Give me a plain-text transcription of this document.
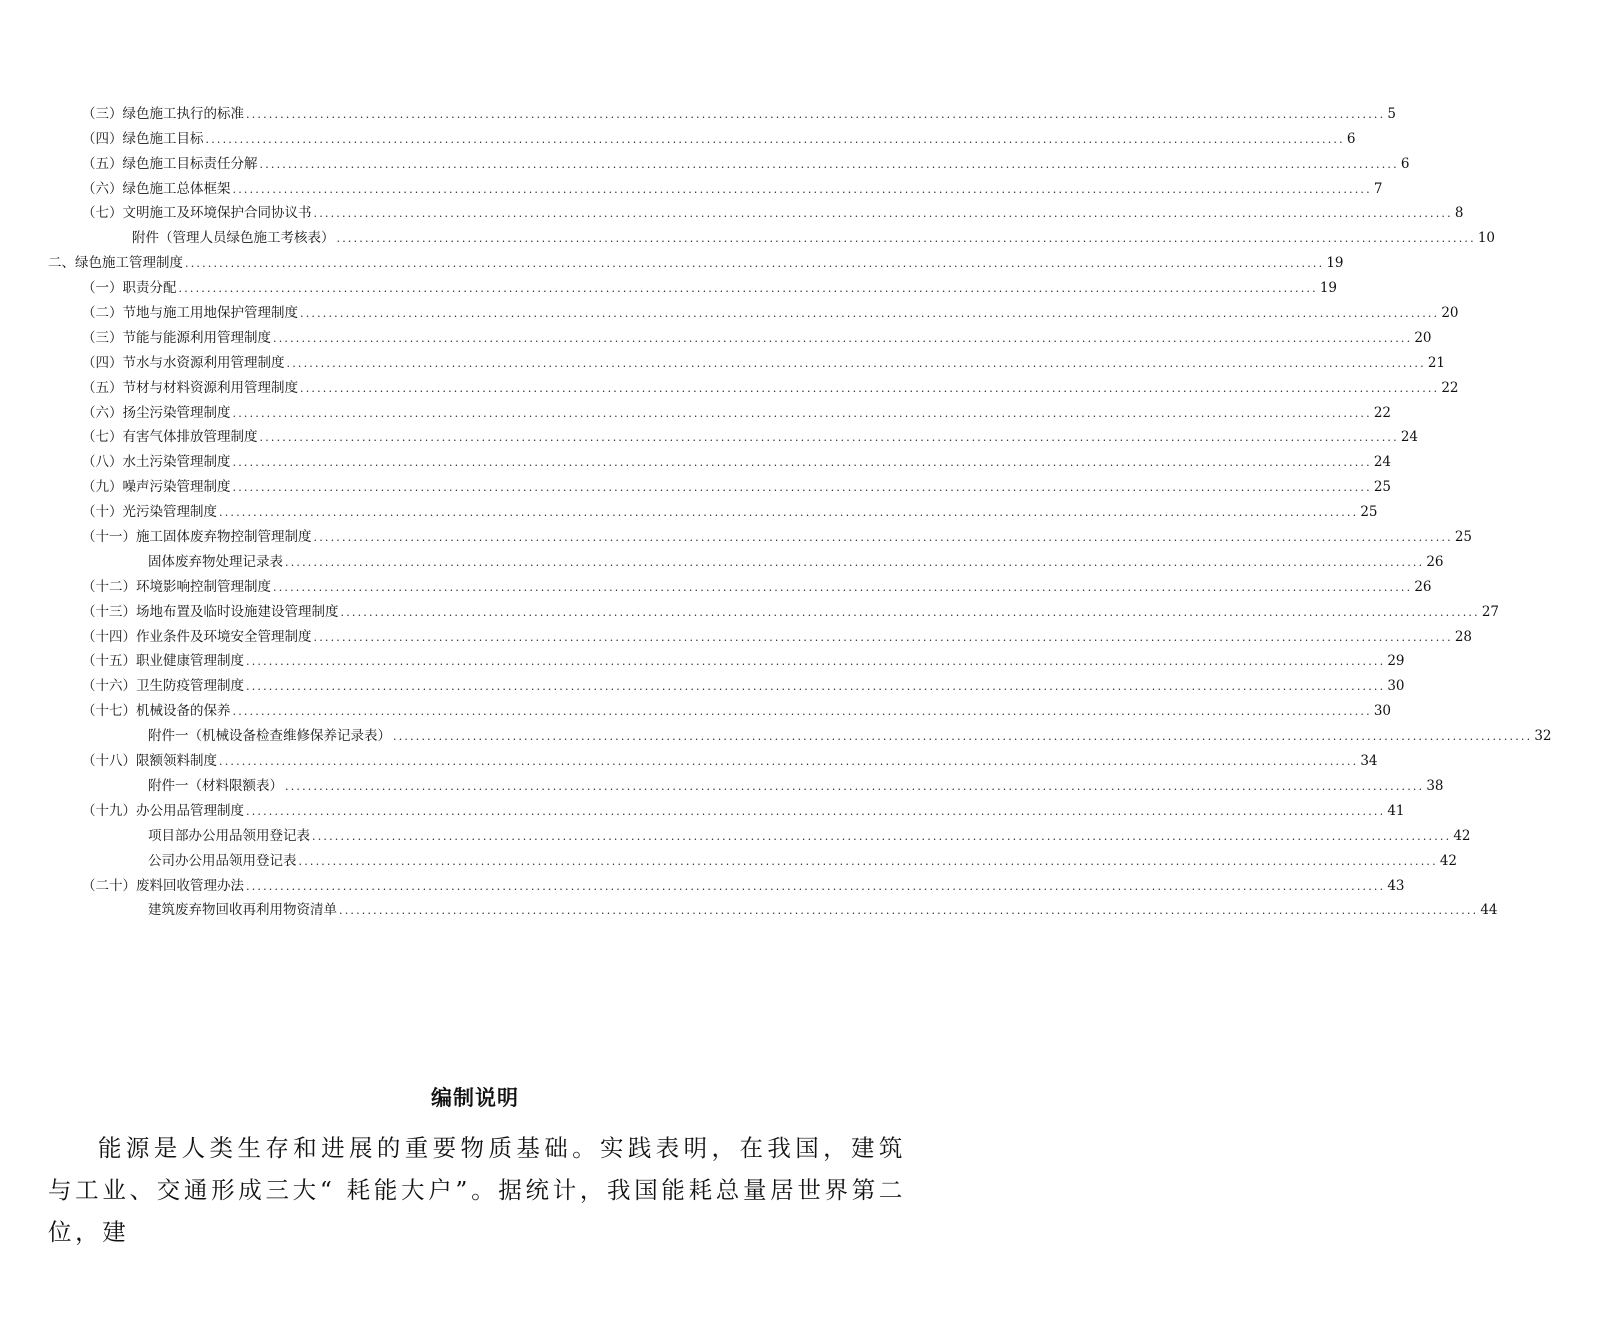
（三）绿色施工执行的标准 ........................................................................................................................................................................................................ 5
（四）绿色施工目标 ........................................................................................................................................................................................................ 6
（五）绿色施工目标责任分解 ........................................................................................................................................................................................................ 6
（六）绿色施工总体框架 ........................................................................................................................................................................................................ 7
（七）文明施工及环境保护合同协议书 ........................................................................................................................................................................................................ 8
附件（管理人员绿色施工考核表） ........................................................................................................................................................................................................ 10
二、绿色施工管理制度 ........................................................................................................................................................................................................ 19
（一）职责分配 ........................................................................................................................................................................................................ 19
（二）节地与施工用地保护管理制度 ........................................................................................................................................................................................................ 20
（三）节能与能源利用管理制度 ........................................................................................................................................................................................................ 20
（四）节水与水资源利用管理制度 ........................................................................................................................................................................................................ 21
（五）节材与材料资源利用管理制度 ........................................................................................................................................................................................................ 22
（六）扬尘污染管理制度 ........................................................................................................................................................................................................ 22
（七）有害气体排放管理制度 ........................................................................................................................................................................................................ 24
（八）水土污染管理制度 ........................................................................................................................................................................................................ 24
（九）噪声污染管理制度 ........................................................................................................................................................................................................ 25
（十）光污染管理制度 ........................................................................................................................................................................................................ 25
（十一）施工固体废弃物控制管理制度 ........................................................................................................................................................................................................ 25
固体废弃物处理记录表 ........................................................................................................................................................................................................ 26
（十二）环境影响控制管理制度 ........................................................................................................................................................................................................ 26
（十三）场地布置及临时设施建设管理制度 ........................................................................................................................................................................................................ 27
（十四）作业条件及环境安全管理制度 ........................................................................................................................................................................................................ 28
（十五）职业健康管理制度 ........................................................................................................................................................................................................ 29
（十六）卫生防疫管理制度 ........................................................................................................................................................................................................ 30
（十七）机械设备的保养 ........................................................................................................................................................................................................ 30
附件一（机械设备检查维修保养记录表） ........................................................................................................................................................................................................ 32
（十八）限额领料制度 ........................................................................................................................................................................................................ 34
附件一（材料限额表） ........................................................................................................................................................................................................ 38
（十九）办公用品管理制度 ........................................................................................................................................................................................................ 41
项目部办公用品领用登记表 ........................................................................................................................................................................................................ 42
公司办公用品领用登记表 ........................................................................................................................................................................................................ 42
（二十）废料回收管理办法 ........................................................................................................................................................................................................ 43
建筑废弃物回收再利用物资清单 ........................................................................................................................................................................................................ 44
编制说明
能源是人类生存和进展的重要物质基础。实践表明，在我国，建筑与工业、交通形成三大“ 耗能大户”。据统计，我国能耗总量居世界第二位，建
